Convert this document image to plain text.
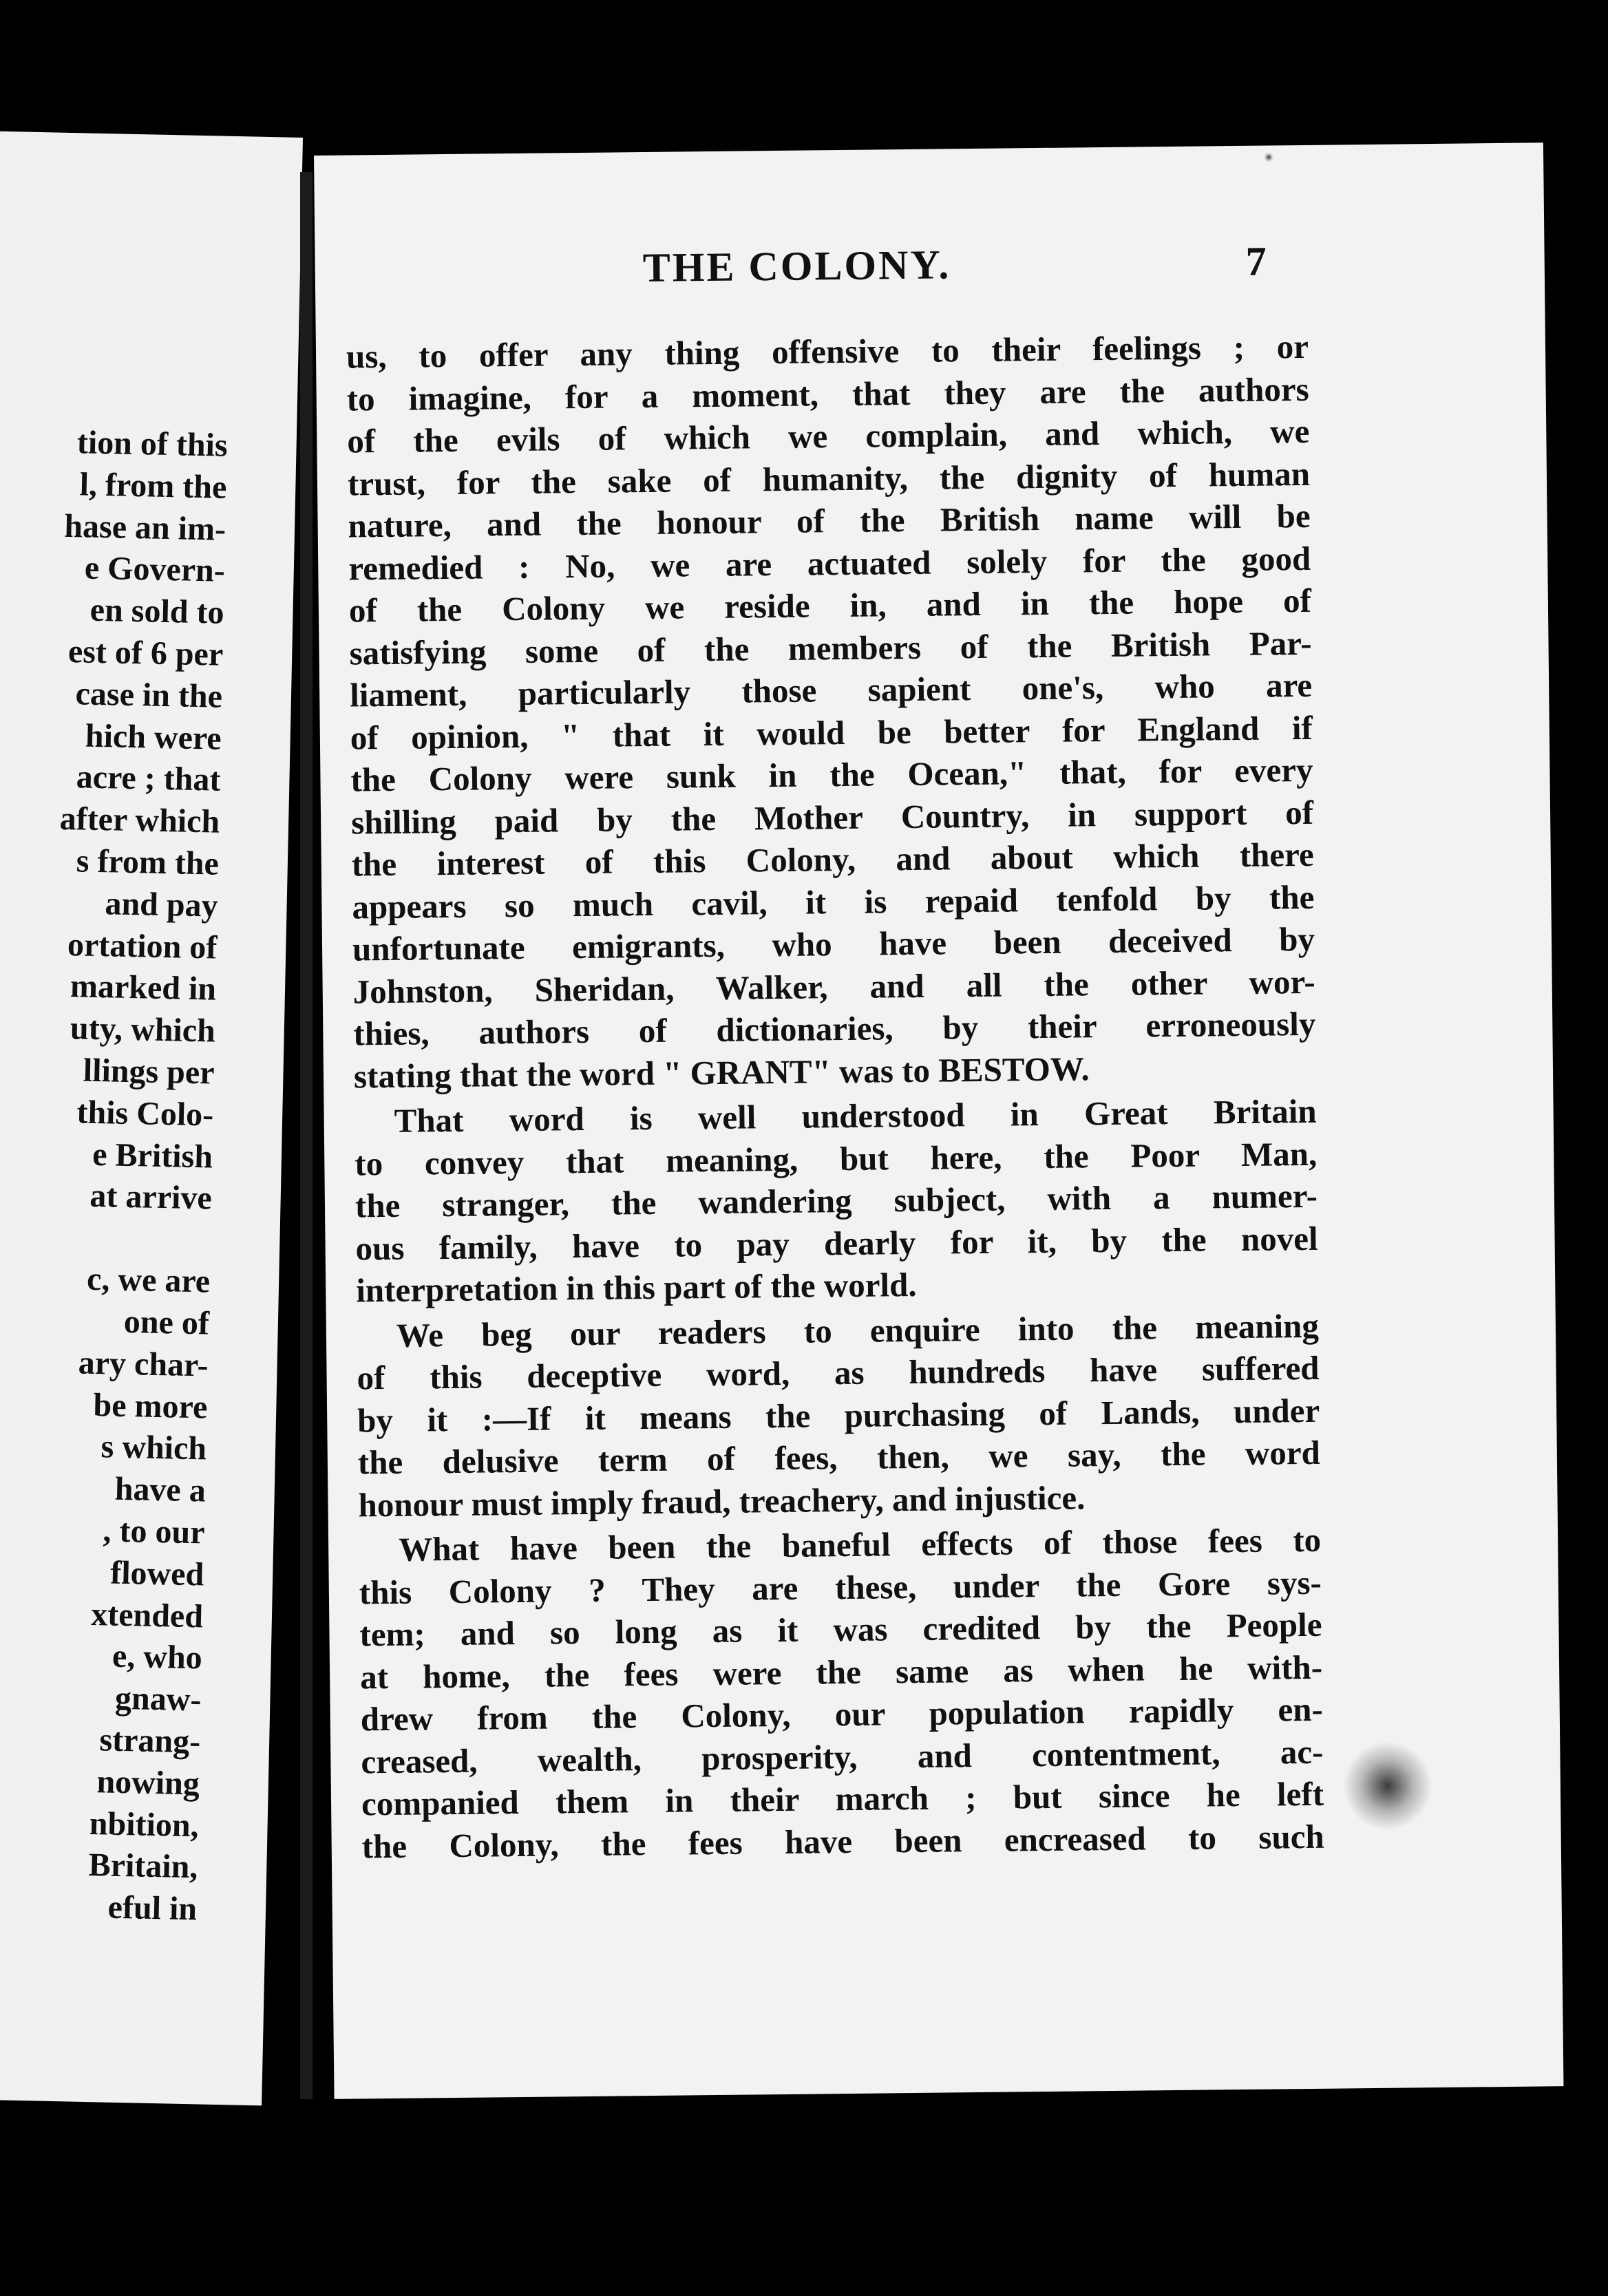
tion of this
l, from the
hase an im-
e Govern-
en sold to
est of 6 per
case in the
hich were
acre ; that
after which
s from the
and pay
ortation of
marked in
uty, which
llings per
this Colo-
e British
at arrive
c, we are
one of
ary char-
be more
s which
have a
, to our
flowed
xtended
e, who
gnaw-
strang-
nowing
nbition,
Britain,
eful in
THE COLONY.	7
us, to offer any thing offensive to their feelings ; or
to imagine, for a moment, that they are the authors
of the evils of which we complain, and which, we
trust, for the sake of humanity, the dignity of human
nature, and the honour of the British name will be
remedied : No, we are actuated solely for the good
of the Colony we reside in, and in the hope of
satisfying some of the members of the British Par-
liament, particularly those sapient one's, who are
of opinion, " that it would be better for England if
the Colony were sunk in the Ocean," that, for every
shilling paid by the Mother Country, in support of
the interest of this Colony, and about which there
appears so much cavil, it is repaid tenfold by the
unfortunate emigrants, who have been deceived by
Johnston, Sheridan, Walker, and all the other wor-
thies, authors of dictionaries, by their erroneously
stating that the word " GRANT" was to BESTOW.
That word is well understood in Great Britain
to convey that meaning, but here, the Poor Man,
the stranger, the wandering subject, with a numer-
ous family, have to pay dearly for it, by the novel
interpretation in this part of the world.
We beg our readers to enquire into the meaning
of this deceptive word, as hundreds have suffered
by it :—If it means the purchasing of Lands, under
the delusive term of fees, then, we say, the word
honour must imply fraud, treachery, and injustice.
What have been the baneful effects of those fees to
this Colony ? They are these, under the Gore sys-
tem; and so long as it was credited by the People
at home, the fees were the same as when he with-
drew from the Colony, our population rapidly en-
creased, wealth, prosperity, and contentment, ac-
companied them in their march ; but since he left
the Colony, the fees have been encreased to such
